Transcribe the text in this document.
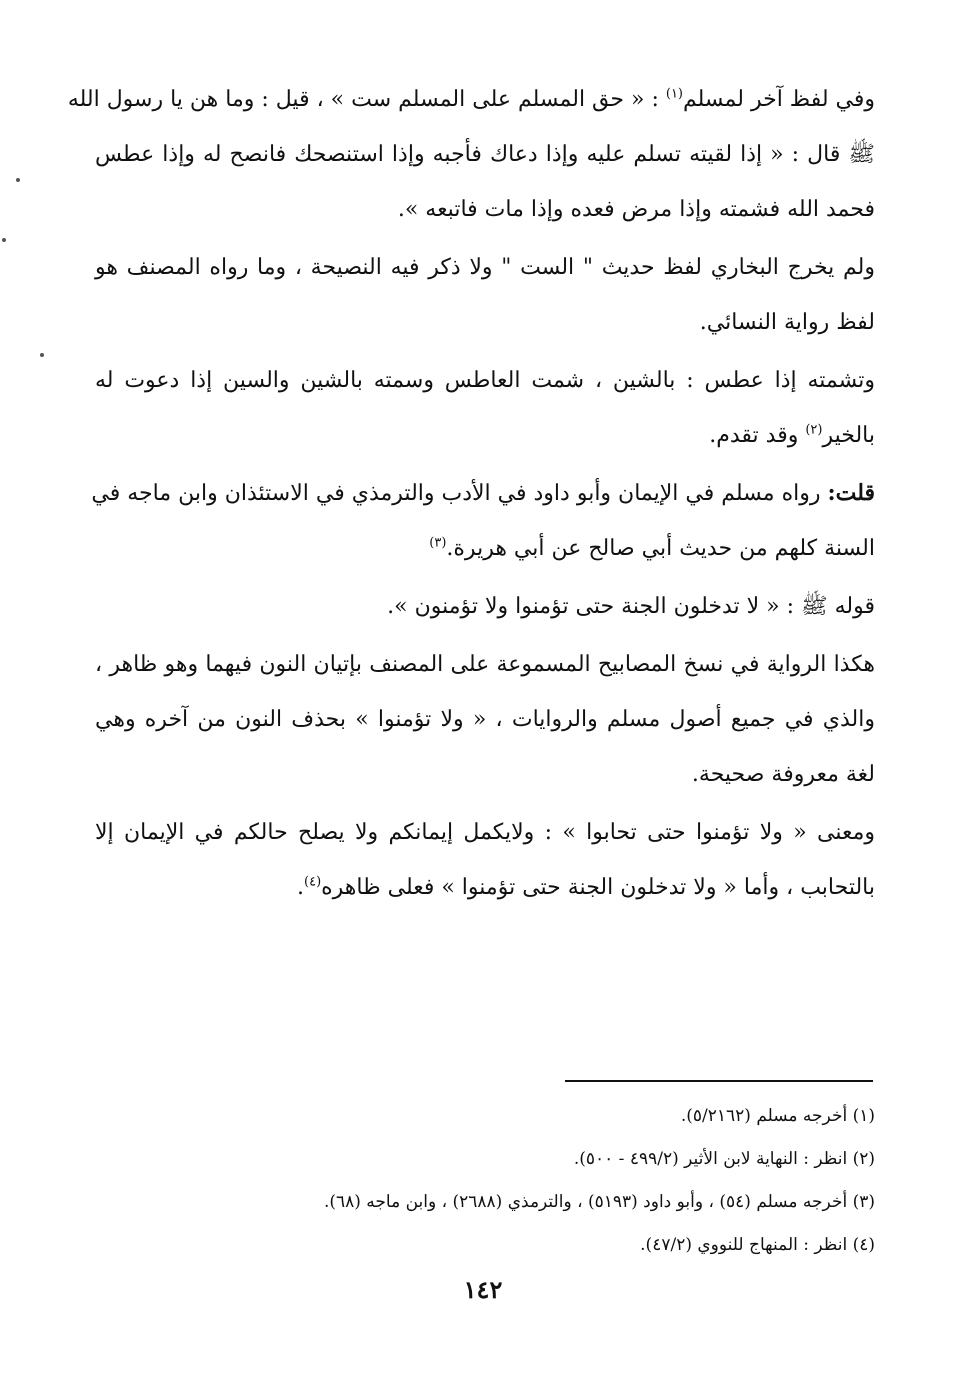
وفي لفظ آخر لمسلم$^{(١)}$ : « حق المسلم على المسلم ست » ، قيل : وما هن يا رسول الله
ﷺ قال : « إذا لقيته تسلم عليه وإذا دعاك فأجبه وإذا استنصحك فانصح له وإذا عطس
فحمد الله فشمته وإذا مرض فعده وإذا مات فاتبعه ».
ولم يخرج البخاري لفظ حديث " الست " ولا ذكر فيه النصيحة ، وما رواه المصنف هو
لفظ رواية النسائي.
وتشمته إذا عطس : بالشين ، شمت العاطس وسمته بالشين والسين إذا دعوت له
بالخير$^{(٢)}$ وقد تقدم.
قلت: رواه مسلم في الإيمان وأبو داود في الأدب والترمذي في الاستئذان وابن ماجه في
السنة كلهم من حديث أبي صالح عن أبي هريرة.$^{(٣)}$
قوله ﷺ : « لا تدخلون الجنة حتى تؤمنوا ولا تؤمنون ».
هكذا الرواية في نسخ المصابيح المسموعة على المصنف بإتيان النون فيهما وهو ظاهر ،
والذي في جميع أصول مسلم والروايات ، « ولا تؤمنوا » بحذف النون من آخره وهي
لغة معروفة صحيحة.
ومعنى « ولا تؤمنوا حتى تحابوا » : ولايكمل إيمانكم ولا يصلح حالكم في الإيمان إلا
بالتحابب ، وأما « ولا تدخلون الجنة حتى تؤمنوا » فعلى ظاهره$^{(٤)}$.
(١) أخرجه مسلم (٥/٢١٦٢).
(٢) انظر : النهاية لابن الأثير (٤٩٩/٢ - ٥٠٠).
(٣) أخرجه مسلم (٥٤) ، وأبو داود (٥١٩٣) ، والترمذي (٢٦٨٨) ، وابن ماجه (٦٨).
(٤) انظر : المنهاج للنووي (٤٧/٢).
١٤٢
